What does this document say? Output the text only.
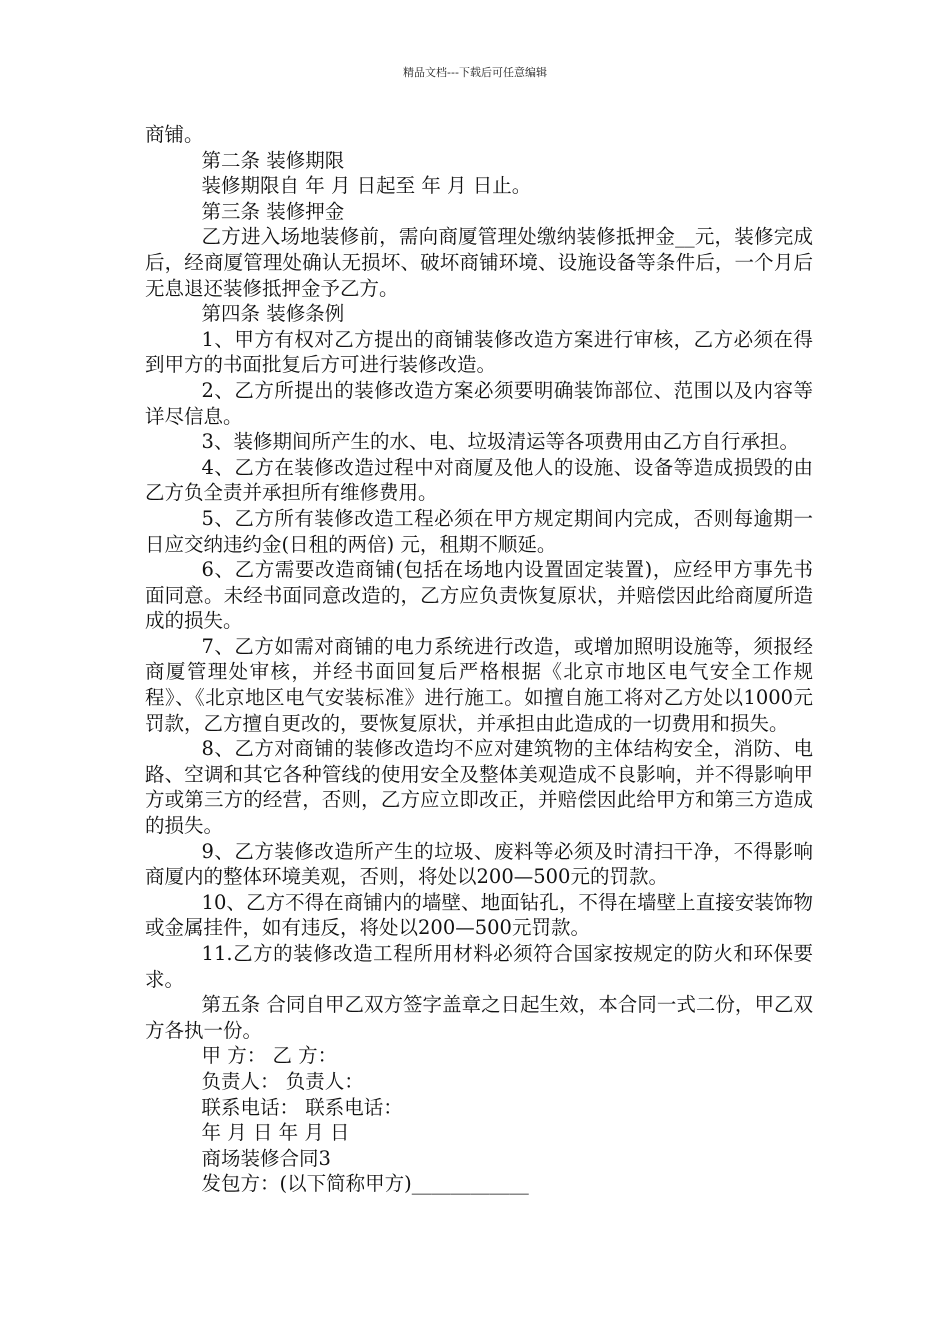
精品文档---下载后可任意编辑

商铺。

第二条 装修期限

装修期限自 年 月 日起至 年 月 日止。

第三条 装修押金

乙方进入场地装修前，需向商厦管理处缴纳装修抵押金__元，装修完成后，经商厦管理处确认无损坏、破坏商铺环境、设施设备等条件后，一个月后无息退还装修抵押金予乙方。

第四条 装修条例

1、甲方有权对乙方提出的商铺装修改造方案进行审核，乙方必须在得到甲方的书面批复后方可进行装修改造。

2、乙方所提出的装修改造方案必须要明确装饰部位、范围以及内容等详尽信息。

3、装修期间所产生的水、电、垃圾清运等各项费用由乙方自行承担。

4、乙方在装修改造过程中对商厦及他人的设施、设备等造成损毁的由乙方负全责并承担所有维修费用。

5、乙方所有装修改造工程必须在甲方规定期间内完成，否则每逾期一日应交纳违约金(日租的两倍) 元，租期不顺延。

6、乙方需要改造商铺(包括在场地内设置固定装置)，应经甲方事先书面同意。未经书面同意改造的，乙方应负责恢复原状，并赔偿因此给商厦所造成的损失。

7、乙方如需对商铺的电力系统进行改造，或增加照明设施等，须报经商厦管理处审核，并经书面回复后严格根据《北京市地区电气安全工作规程》、《北京地区电气安装标准》进行施工。如擅自施工将对乙方处以1000元罚款，乙方擅自更改的，要恢复原状，并承担由此造成的一切费用和损失。

8、乙方对商铺的装修改造均不应对建筑物的主体结构安全，消防、电路、空调和其它各种管线的使用安全及整体美观造成不良影响，并不得影响甲方或第三方的经营，否则，乙方应立即改正，并赔偿因此给甲方和第三方造成的损失。

9、乙方装修改造所产生的垃圾、废料等必须及时清扫干净，不得影响商厦内的整体环境美观，否则，将处以200—500元的罚款。

10、乙方不得在商铺内的墙壁、地面钻孔，不得在墙壁上直接安装饰物或金属挂件，如有违反，将处以200—500元罚款。

11.乙方的装修改造工程所用材料必须符合国家按规定的防火和环保要求。

第五条 合同自甲乙双方签字盖章之日起生效，本合同一式二份，甲乙双方各执一份。

甲 方： 乙 方：

负责人： 负责人：

联系电话： 联系电话：

年 月 日 年 月 日

商场装修合同3

发包方：(以下简称甲方)____________
